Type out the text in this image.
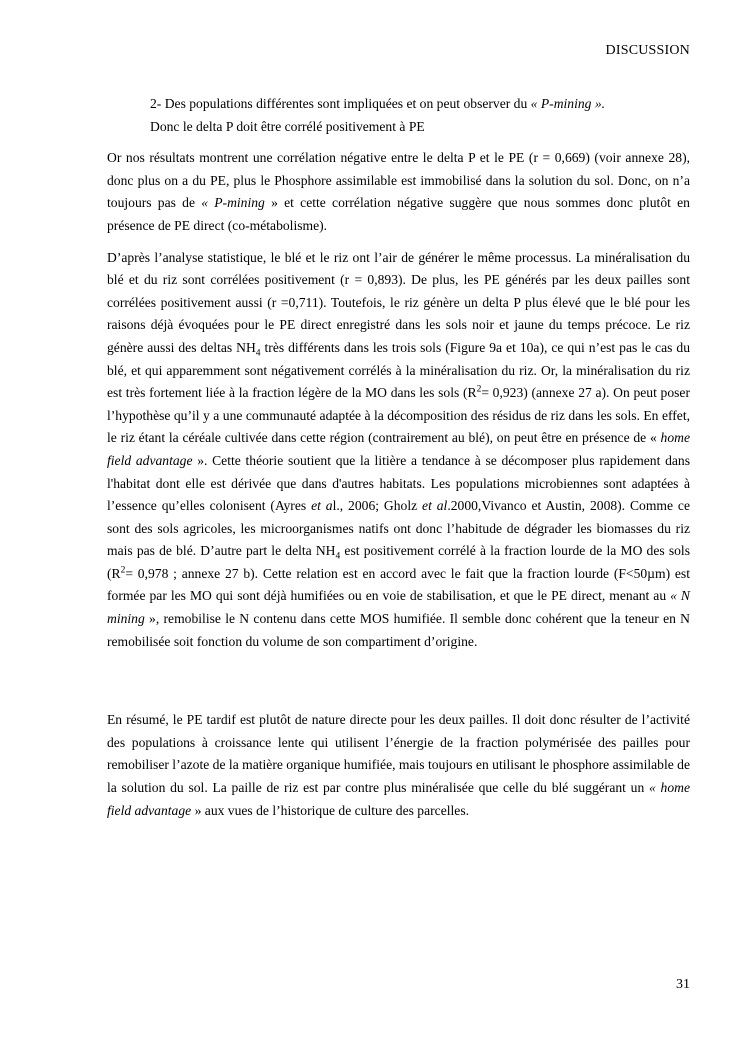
DISCUSSION

2- Des populations différentes sont impliquées et on peut observer du « P-mining ».
Donc le delta P doit être corrélé positivement à PE

Or nos résultats montrent une corrélation négative entre le delta P et le PE (r = 0,669) (voir annexe 28), donc plus on a du PE, plus le Phosphore assimilable est immobilisé dans la solution du sol. Donc, on n’a toujours pas de « P-mining » et cette corrélation négative suggère que nous sommes donc plutôt en présence de PE direct (co-métabolisme).

D’après l’analyse statistique, le blé et le riz ont l’air de générer le même processus. La minéralisation du blé et du riz sont corrélées positivement (r = 0,893). De plus, les PE générés par les deux pailles sont corrélées positivement aussi (r =0,711). Toutefois, le riz génère un delta P plus élevé que le blé pour les raisons déjà évoquées pour le PE direct enregistré dans les sols noir et jaune du temps précoce. Le riz génère aussi des deltas $NH_4$ très différents dans les trois sols (Figure 9a et 10a), ce qui n’est pas le cas du blé, et qui apparemment sont négativement corrélés à la minéralisation du riz. Or, la minéralisation du riz est très fortement liée à la fraction légère de la MO dans les sols $(R^2= 0,923)$ (annexe 27 a). On peut poser l’hypothèse qu’il y a une communauté adaptée à la décomposition des résidus de riz dans les sols. En effet, le riz étant la céréale cultivée dans cette région (contrairement au blé), on peut être en présence de « home field advantage ». Cette théorie soutient que la litière a tendance à se décomposer plus rapidement dans l'habitat dont elle est dérivée que dans d'autres habitats. Les populations microbiennes sont adaptées à l’essence qu’elles colonisent (Ayres et al., 2006; Gholz et al.2000,Vivanco et Austin, 2008). Comme ce sont des sols agricoles, les microorganismes natifs ont donc l’habitude de dégrader les biomasses du riz mais pas de blé. D’autre part le delta $NH_4$ est positivement corrélé à la fraction lourde de la MO des sols ($R^2= 0,978$ ; annexe 27 b). Cette relation est en accord avec le fait que la fraction lourde (F<50µm) est formée par les MO qui sont déjà humifiées ou en voie de stabilisation, et que le PE direct, menant au « N mining », remobilise le N contenu dans cette MOS humifiée. Il semble donc cohérent que la teneur en N remobilisée soit fonction du volume de son compartiment d’origine.

En résumé, le PE tardif est plutôt de nature directe pour les deux pailles. Il doit donc résulter de l’activité des populations à croissance lente qui utilisent l’énergie de la fraction polymérisée des pailles pour remobiliser l’azote de la matière organique humifiée, mais toujours en utilisant le phosphore assimilable de la solution du sol. La paille de riz est par contre plus minéralisée que celle du blé suggérant un « home field advantage » aux vues de l’historique de culture des parcelles.

31
